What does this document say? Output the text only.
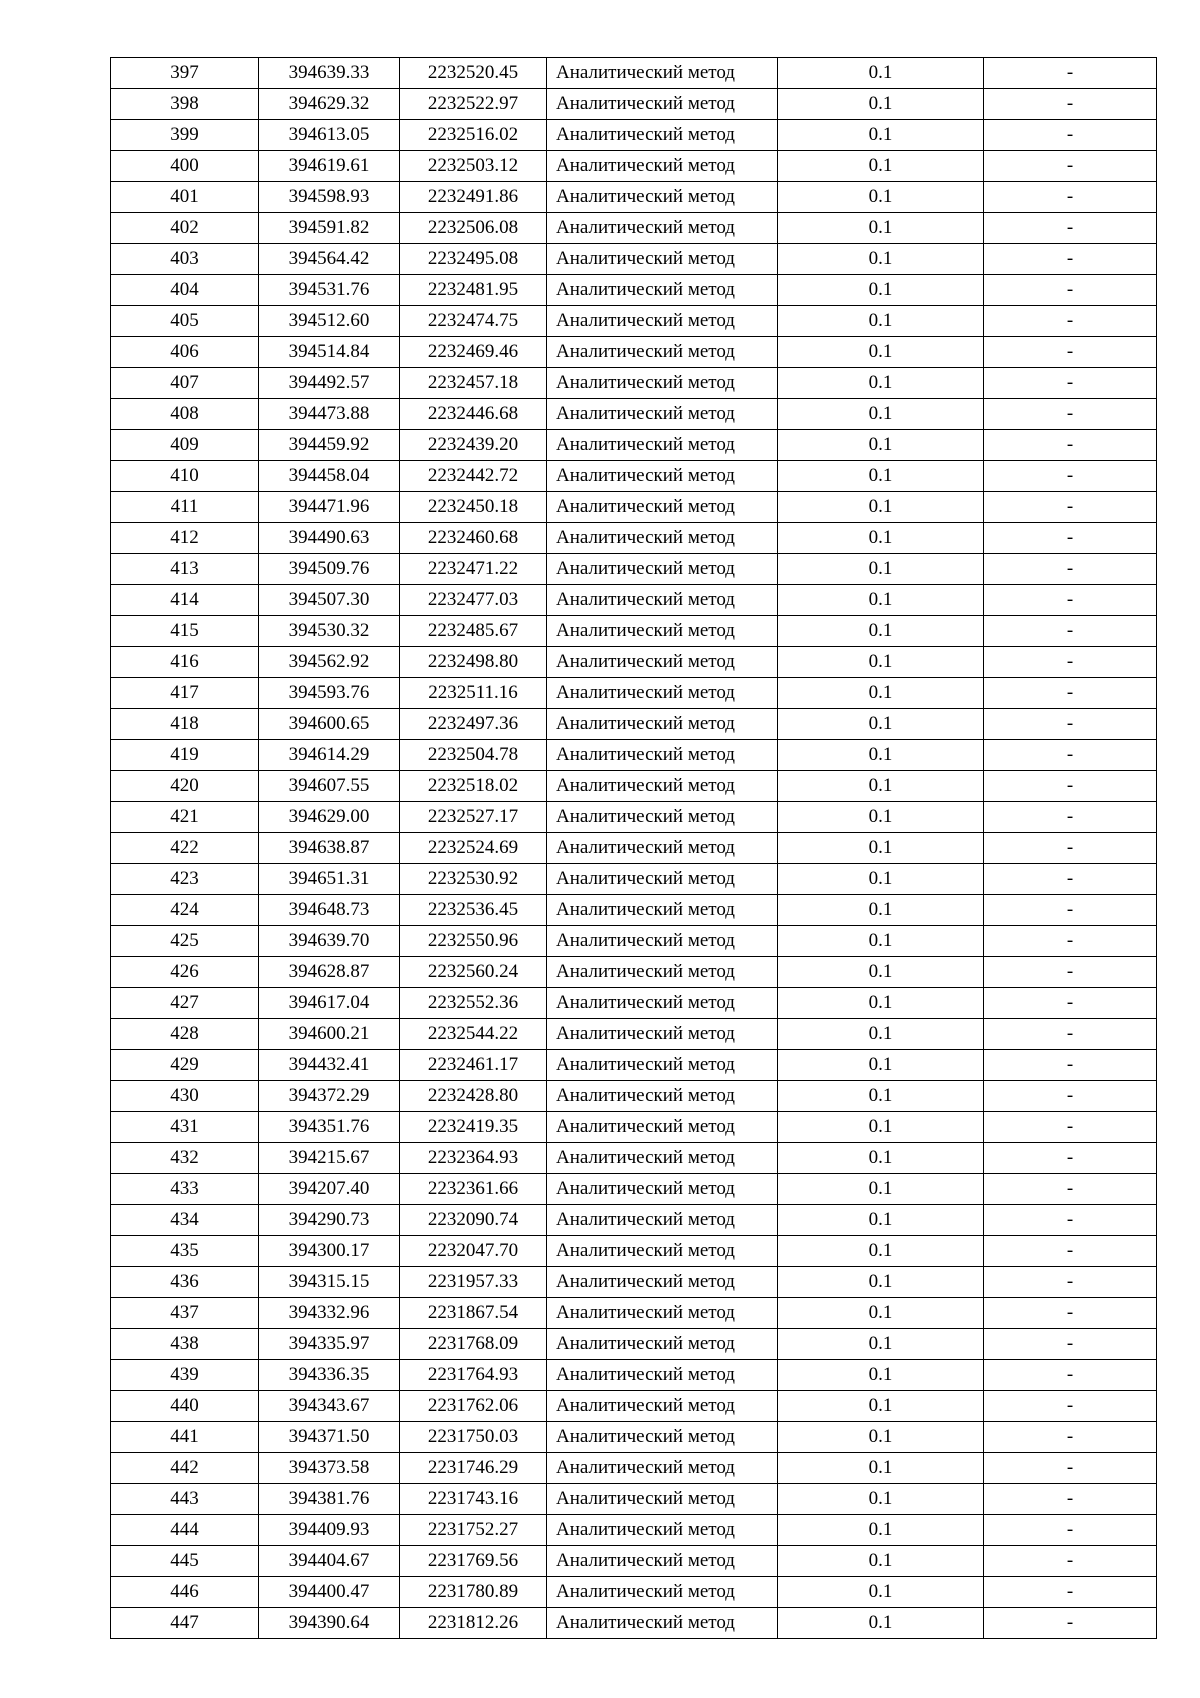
397	394639.33	2232520.45	Аналитический метод	0.1	-
398	394629.32	2232522.97	Аналитический метод	0.1	-
399	394613.05	2232516.02	Аналитический метод	0.1	-
400	394619.61	2232503.12	Аналитический метод	0.1	-
401	394598.93	2232491.86	Аналитический метод	0.1	-
402	394591.82	2232506.08	Аналитический метод	0.1	-
403	394564.42	2232495.08	Аналитический метод	0.1	-
404	394531.76	2232481.95	Аналитический метод	0.1	-
405	394512.60	2232474.75	Аналитический метод	0.1	-
406	394514.84	2232469.46	Аналитический метод	0.1	-
407	394492.57	2232457.18	Аналитический метод	0.1	-
408	394473.88	2232446.68	Аналитический метод	0.1	-
409	394459.92	2232439.20	Аналитический метод	0.1	-
410	394458.04	2232442.72	Аналитический метод	0.1	-
411	394471.96	2232450.18	Аналитический метод	0.1	-
412	394490.63	2232460.68	Аналитический метод	0.1	-
413	394509.76	2232471.22	Аналитический метод	0.1	-
414	394507.30	2232477.03	Аналитический метод	0.1	-
415	394530.32	2232485.67	Аналитический метод	0.1	-
416	394562.92	2232498.80	Аналитический метод	0.1	-
417	394593.76	2232511.16	Аналитический метод	0.1	-
418	394600.65	2232497.36	Аналитический метод	0.1	-
419	394614.29	2232504.78	Аналитический метод	0.1	-
420	394607.55	2232518.02	Аналитический метод	0.1	-
421	394629.00	2232527.17	Аналитический метод	0.1	-
422	394638.87	2232524.69	Аналитический метод	0.1	-
423	394651.31	2232530.92	Аналитический метод	0.1	-
424	394648.73	2232536.45	Аналитический метод	0.1	-
425	394639.70	2232550.96	Аналитический метод	0.1	-
426	394628.87	2232560.24	Аналитический метод	0.1	-
427	394617.04	2232552.36	Аналитический метод	0.1	-
428	394600.21	2232544.22	Аналитический метод	0.1	-
429	394432.41	2232461.17	Аналитический метод	0.1	-
430	394372.29	2232428.80	Аналитический метод	0.1	-
431	394351.76	2232419.35	Аналитический метод	0.1	-
432	394215.67	2232364.93	Аналитический метод	0.1	-
433	394207.40	2232361.66	Аналитический метод	0.1	-
434	394290.73	2232090.74	Аналитический метод	0.1	-
435	394300.17	2232047.70	Аналитический метод	0.1	-
436	394315.15	2231957.33	Аналитический метод	0.1	-
437	394332.96	2231867.54	Аналитический метод	0.1	-
438	394335.97	2231768.09	Аналитический метод	0.1	-
439	394336.35	2231764.93	Аналитический метод	0.1	-
440	394343.67	2231762.06	Аналитический метод	0.1	-
441	394371.50	2231750.03	Аналитический метод	0.1	-
442	394373.58	2231746.29	Аналитический метод	0.1	-
443	394381.76	2231743.16	Аналитический метод	0.1	-
444	394409.93	2231752.27	Аналитический метод	0.1	-
445	394404.67	2231769.56	Аналитический метод	0.1	-
446	394400.47	2231780.89	Аналитический метод	0.1	-
447	394390.64	2231812.26	Аналитический метод	0.1	-
